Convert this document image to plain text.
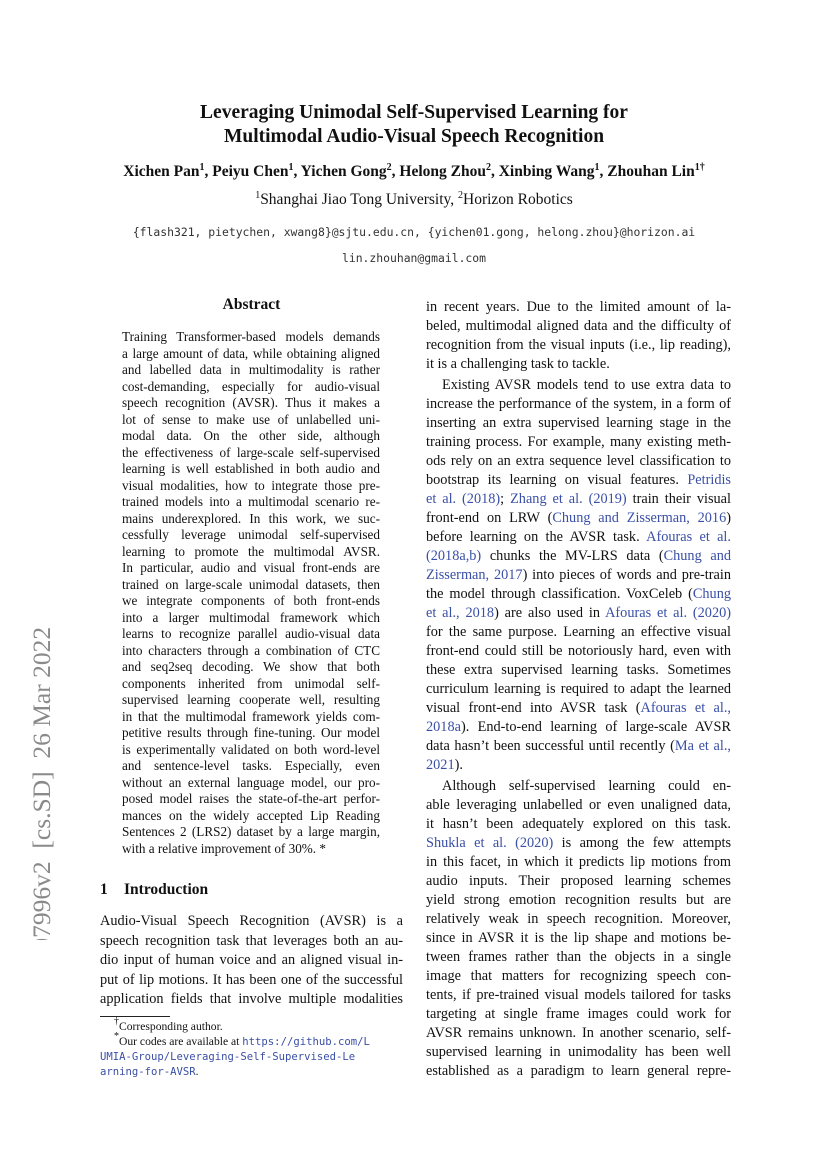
arXiv:2203.07996v2  [cs.SD]  26 Mar 2022
Leveraging Unimodal Self-Supervised Learning for
Multimodal Audio-Visual Speech Recognition
Xichen Pan$^1$, Peiyu Chen$^1$, Yichen Gong$^2$, Helong Zhou$^2$, Xinbing Wang$^1$, Zhouhan Lin$^{1\dagger}$
$^1$Shanghai Jiao Tong University, $^2$Horizon Robotics
{flash321, pietychen, xwang8}@sjtu.edu.cn, {yichen01.gong, helong.zhou}@horizon.ai
lin.zhouhan@gmail.com
Abstract
Training Transformer-based models demands
a large amount of data, while obtaining aligned
and labelled data in multimodality is rather
cost-demanding, especially for audio-visual
speech recognition (AVSR). Thus it makes a
lot of sense to make use of unlabelled uni-
modal data. On the other side, although
the effectiveness of large-scale self-supervised
learning is well established in both audio and
visual modalities, how to integrate those pre-
trained models into a multimodal scenario re-
mains underexplored. In this work, we suc-
cessfully leverage unimodal self-supervised
learning to promote the multimodal AVSR.
In particular, audio and visual front-ends are
trained on large-scale unimodal datasets, then
we integrate components of both front-ends
into a larger multimodal framework which
learns to recognize parallel audio-visual data
into characters through a combination of CTC
and seq2seq decoding. We show that both
components inherited from unimodal self-
supervised learning cooperate well, resulting
in that the multimodal framework yields com-
petitive results through fine-tuning. Our model
is experimentally validated on both word-level
and sentence-level tasks. Especially, even
without an external language model, our pro-
posed model raises the state-of-the-art perfor-
mances on the widely accepted Lip Reading
Sentences 2 (LRS2) dataset by a large margin,
with a relative improvement of 30%. *
1 Introduction
Audio-Visual Speech Recognition (AVSR) is a
speech recognition task that leverages both an au-
dio input of human voice and an aligned visual in-
put of lip motions. It has been one of the successful
application fields that involve multiple modalities
†Corresponding author.
*Our codes are available at https://github.com/L
UMIA-Group/Leveraging-Self-Supervised-Le
arning-for-AVSR.
in recent years. Due to the limited amount of la-
beled, multimodal aligned data and the difficulty of
recognition from the visual inputs (i.e., lip reading),
it is a challenging task to tackle.
Existing AVSR models tend to use extra data to
increase the performance of the system, in a form of
inserting an extra supervised learning stage in the
training process. For example, many existing meth-
ods rely on an extra sequence level classification to
bootstrap its learning on visual features. Petridis
et al. (2018); Zhang et al. (2019) train their visual
front-end on LRW (Chung and Zisserman, 2016)
before learning on the AVSR task. Afouras et al.
(2018a,b) chunks the MV-LRS data (Chung and
Zisserman, 2017) into pieces of words and pre-train
the model through classification. VoxCeleb (Chung
et al., 2018) are also used in Afouras et al. (2020)
for the same purpose. Learning an effective visual
front-end could still be notoriously hard, even with
these extra supervised learning tasks. Sometimes
curriculum learning is required to adapt the learned
visual front-end into AVSR task (Afouras et al.,
2018a). End-to-end learning of large-scale AVSR
data hasn’t been successful until recently (Ma et al.,
2021).
Although self-supervised learning could en-
able leveraging unlabelled or even unaligned data,
it hasn’t been adequately explored on this task.
Shukla et al. (2020) is among the few attempts
in this facet, in which it predicts lip motions from
audio inputs. Their proposed learning schemes
yield strong emotion recognition results but are
relatively weak in speech recognition. Moreover,
since in AVSR it is the lip shape and motions be-
tween frames rather than the objects in a single
image that matters for recognizing speech con-
tents, if pre-trained visual models tailored for tasks
targeting at single frame images could work for
AVSR remains unknown. In another scenario, self-
supervised learning in unimodality has been well
established as a paradigm to learn general repre-
